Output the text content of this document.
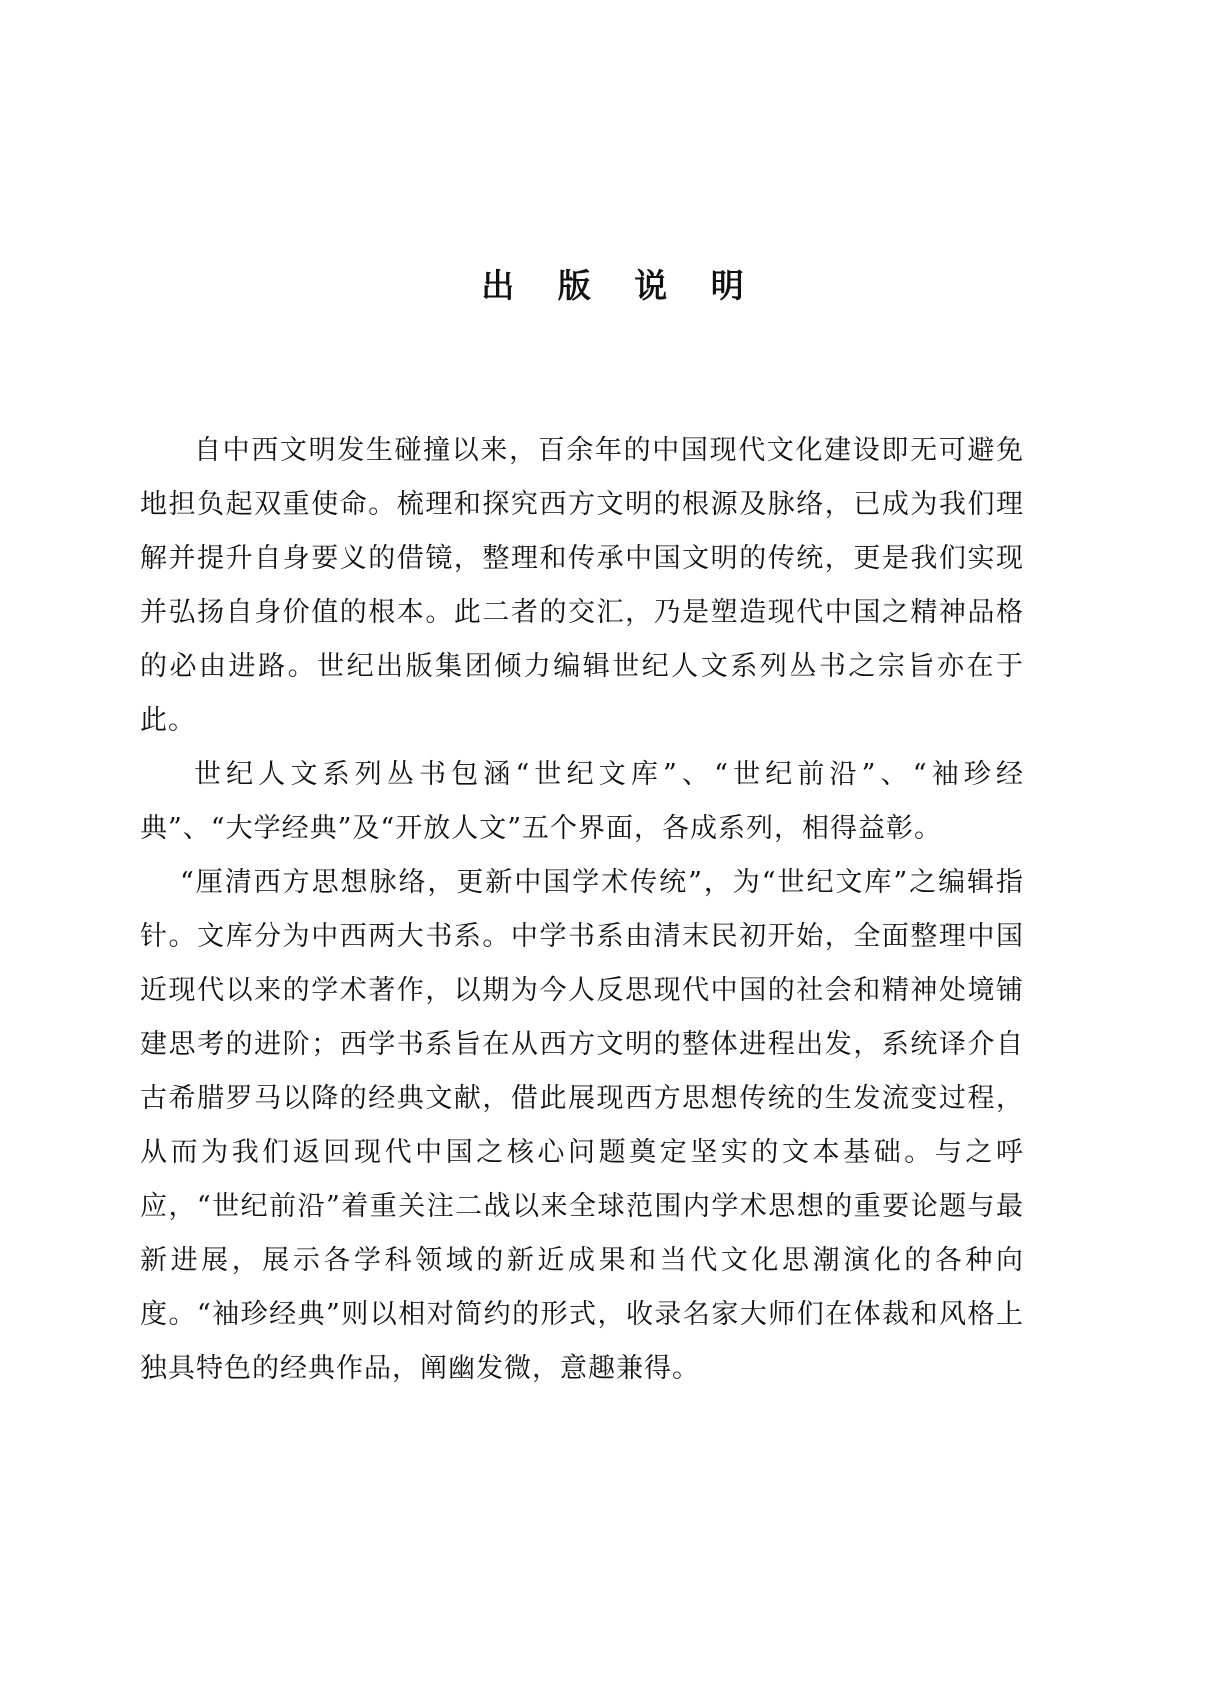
出 版 说 明

自中西文明发生碰撞以来，百余年的中国现代文化建设即无可避免地担负起双重使命。梳理和探究西方文明的根源及脉络，已成为我们理解并提升自身要义的借镜，整理和传承中国文明的传统，更是我们实现并弘扬自身价值的根本。此二者的交汇，乃是塑造现代中国之精神品格的必由进路。世纪出版集团倾力编辑世纪人文系列丛书之宗旨亦在于此。

世纪人文系列丛书包涵“世纪文库”、“世纪前沿”、“袖珍经典”、“大学经典”及“开放人文”五个界面，各成系列，相得益彰。

“厘清西方思想脉络，更新中国学术传统”，为“世纪文库”之编辑指针。文库分为中西两大书系。中学书系由清末民初开始，全面整理中国近现代以来的学术著作，以期为今人反思现代中国的社会和精神处境铺建思考的进阶；西学书系旨在从西方文明的整体进程出发，系统译介自古希腊罗马以降的经典文献，借此展现西方思想传统的生发流变过程，从而为我们返回现代中国之核心问题奠定坚实的文本基础。与之呼应，“世纪前沿”着重关注二战以来全球范围内学术思想的重要论题与最新进展，展示各学科领域的新近成果和当代文化思潮演化的各种向度。“袖珍经典”则以相对简约的形式，收录名家大师们在体裁和风格上独具特色的经典作品，阐幽发微，意趣兼得。
